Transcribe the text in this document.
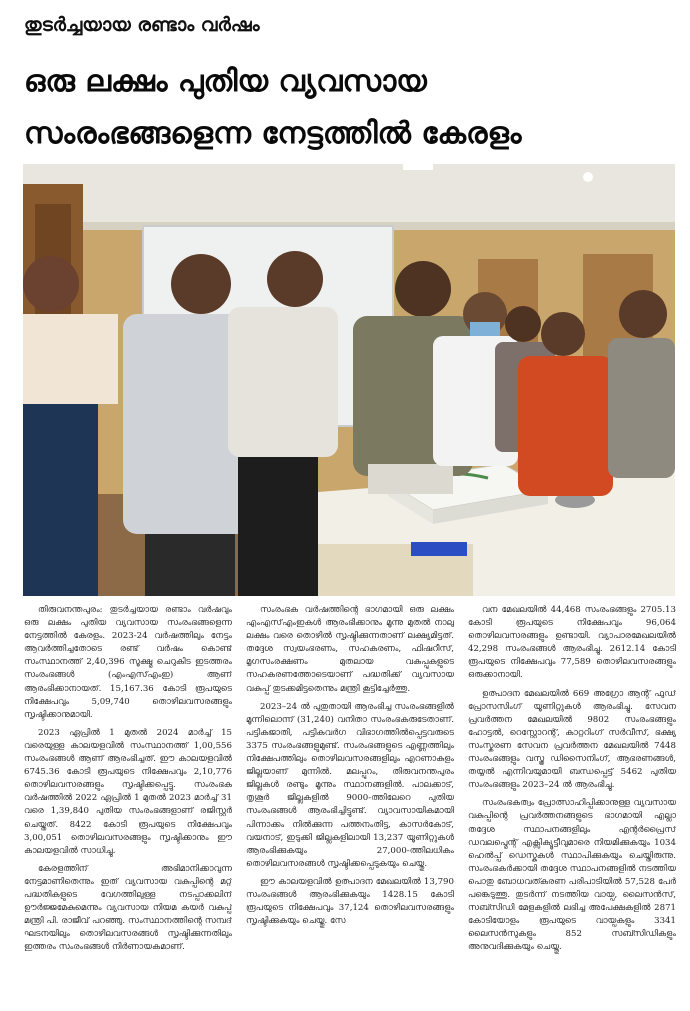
തുടർച്ചയായ രണ്ടാം വർഷം
ഒരു ലക്ഷം പുതിയ വ്യവസായ
സംരംഭങ്ങളെന്ന നേട്ടത്തിൽ കേരളം

തിരുവനന്തപുരം: തുടർച്ചയായ രണ്ടാം വർഷവും ഒരു ലക്ഷം പുതിയ വ്യവസായ സംരംഭങ്ങളെന്ന നേട്ടത്തിൽ കേരളം. 2023-24 വർഷത്തിലും നേട്ടം ആവർത്തിച്ചതോടെ രണ്ട് വർഷം കൊണ്ട് സംസ്ഥാനത്ത് 2,40,396 സൂക്ഷ്മ ചെറുകിട ഇടത്തരം സംരംഭങ്ങൾ (എംഎസ്എംഇ) ആണ് ആരംഭിക്കാനായത്. 15,167.36 കോടി രൂപയുടെ നിക്ഷേപവും 5,09,740 തൊഴിലവസരങ്ങളും സൃഷ്ടിക്കാനുമായി.

2023 ഏപ്രിൽ 1 മുതൽ 2024 മാർച്ച് 15 വരെയുള്ള കാലയളവിൽ സംസ്ഥാനത്ത് 1,00,556 സംരംഭങ്ങൾ ആണ് ആരംഭിച്ചത്. ഈ കാലയളവിൽ 6745.36 കോടി രൂപയുടെ നിക്ഷേപവും 2,10,776 തൊഴിലവസരങ്ങളും സൃഷ്ടിക്കപ്പെട്ടു. സംരംഭക വർഷത്തിൽ 2022 ഏപ്രിൽ 1 മുതൽ 2023 മാർച്ച് 31 വരെ 1,39,840 പുതിയ സംരംഭങ്ങളാണ് രജിസ്റ്റർ ചെയ്തത്. 8422 കോടി രൂപയുടെ നിക്ഷേപവും 3,00,051 തൊഴിലവസരങ്ങളും സൃഷ്ടിക്കാനും ഈ കാലയളവിൽ സാധിച്ചു.

കേരളത്തിന് അഭിമാനിക്കാവുന്ന നേട്ടമാണിതെന്നും ഇത് വ്യവസായ വകുപ്പിന്റെ മറ്റ് പദ്ധതികളുടെ വേഗത്തിലുള്ള നടപ്പാക്കലിന് ഊർജ്ജമേകുമെന്നും വ്യവസായ നിയമ കയർ വകുപ്പ് മന്ത്രി പി. രാജീവ് പറഞ്ഞു. സംസ്ഥാനത്തിന്റെ സമ്പദ് ഘടനയിലും തൊഴിലവസരങ്ങൾ സൃഷ്ടിക്കുന്നതിലും ഇത്തരം സംരംഭങ്ങൾ നിർണായകമാണ്.

സംരംഭക വർഷത്തിന്റെ ഭാഗമായി ഒരു ലക്ഷം എംഎസ്എംഇകൾ ആരംഭിക്കാനും മൂന്നു മുതൽ നാലു ലക്ഷം വരെ തൊഴിൽ സൃഷ്ടിക്കുന്നതാണ് ലക്ഷ്യമിട്ടത്. തദ്ദേശ സ്വയംഭരണം, സഹകരണം, ഫിഷറീസ്, മൃഗസംരക്ഷണം മുതലായ വകുപ്പുകളുടെ സഹകരണത്തോടെയാണ് പദ്ധതിക്ക് വ്യവസായ വകുപ്പ് തുടക്കമിട്ടതെന്നും മന്ത്രി കൂട്ടിച്ചേർത്തു.

2023–24 ൽ പുതുതായി ആരംഭിച്ച സംരംഭങ്ങളിൽ മൂന്നിലൊന്ന് (31,240) വനിതാ സംരംഭകരുടേതാണ്. പട്ടികജാതി, പട്ടികവർഗ വിഭാഗത്തിൽപ്പെട്ടവരുടെ 3375 സംരംഭങ്ങളുമുണ്ട്. സംരംഭങ്ങളുടെ എണ്ണത്തിലും നിക്ഷേപത്തിലും തൊഴിലവസരങ്ങളിലും എറണാകുളം ജില്ലയാണ് മുന്നിൽ. മലപ്പുറം, തിരുവനന്തപുരം ജില്ലകൾ രണ്ടും മൂന്നും സ്ഥാനങ്ങളിൽ. പാലക്കാട്, തൃശൂർ ജില്ലകളിൽ 9000-ത്തിലേറെ പുതിയ സംരംഭങ്ങൾ ആരംഭിച്ചിട്ടുണ്ട്. വ്യാവസായികമായി പിന്നാക്കം നിൽക്കുന്ന പത്തനംതിട്ട, കാസർകോട്, വയനാട്, ഇടുക്കി ജില്ലകളിലായി 13,237 യൂണിറ്റുകൾ ആരംഭിക്കുകയും 27,000-ത്തിലധികം തൊഴിലവസരങ്ങൾ സൃഷ്ടിക്കപ്പെടുകയും ചെയ്തു.

ഈ കാലയളവിൽ ഉത്പാദന മേഖലയിൽ 13,790 സംരംഭങ്ങൾ ആരംഭിക്കുകയും 1428.15 കോടി രൂപയുടെ നിക്ഷേപവും 37,124 തൊഴിലവസരങ്ങളും സൃഷ്ടിക്കുകയും ചെയ്തു. സേ

വന മേഖലയിൽ 44,468 സംരംഭങ്ങളും 2705.13 കോടി രൂപയുടെ നിക്ഷേപവും 96,064 തൊഴിലവസരങ്ങളും ഉണ്ടായി. വ്യാപാരമേഖലയിൽ 42,298 സംരംഭങ്ങൾ ആരംഭിച്ചു. 2612.14 കോടി രൂപയുടെ നിക്ഷേപവും 77,589 തൊഴിലവസരങ്ങളും ഒരുക്കാനായി.

ഉത്പാദന മേഖലയിൽ 669 അഗ്രോ ആന്റ് ഫുഡ് പ്രോസസിംഗ് യൂണിറ്റുകൾ ആരംഭിച്ചു. സേവന പ്രവർത്തന മേഖലയിൽ 9802 സംരംഭങ്ങളും ഹോട്ടൽ, റെസ്റ്റോറന്റ്, കാറ്ററിംഗ് സർവീസ്, ഭക്ഷ്യ സംസ്കരണ സേവന പ്രവർത്തന മേഖലയിൽ 7448 സംരംഭങ്ങളും വസ്ത്ര ഡിസൈനിംഗ്, ആഭരണങ്ങൾ, തയ്യൽ എന്നിവയുമായി ബന്ധപ്പെട്ട് 5462 പുതിയ സംരംഭങ്ങളും 2023–24 ൽ ആരംഭിച്ചു.

സംരംഭകത്വം പ്രോത്സാഹിപ്പിക്കാനുള്ള വ്യവസായ വകുപ്പിന്റെ പ്രവർത്തനങ്ങളുടെ ഭാഗമായി എല്ലാ തദ്ദേശ സ്ഥാപനങ്ങളിലും എന്റർപ്രൈസ് ഡവലപ്മെന്റ് എക്സിക്യൂട്ടീവുമാരെ നിയമിക്കുകയും 1034 ഹെൽപ്പ് ഡെസ്കുകൾ സ്ഥാപിക്കുകയും ചെയ്തിരുന്നു. സംരംഭകർക്കായി തദ്ദേശ സ്ഥാപനങ്ങളിൽ നടത്തിയ പൊതു ബോധവത്കരണ പരിപാടിയിൽ 57,528 പേർ പങ്കെടുത്തു. തുടർന്ന് നടത്തിയ വായ്പ, ലൈസൻസ്, സബ്സിഡി മേളകളിൽ ലഭിച്ച അപേക്ഷകളിൽ 2871 കോടിയോളം രൂപയുടെ വായ്പകളും 3341 ലൈസൻസുകളും 852 സബ്സിഡികളും അനുവദിക്കുകയും ചെയ്തു.
